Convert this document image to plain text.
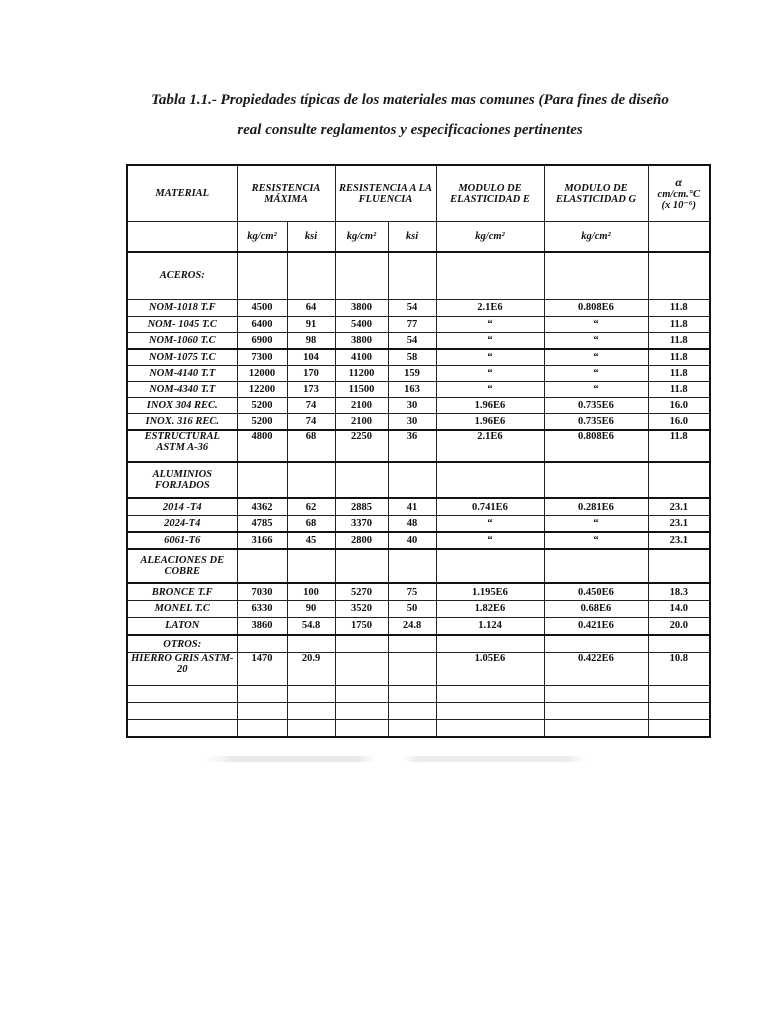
Tabla 1.1.- Propiedades típicas de los materiales mas comunes (Para fines de diseño
real consulte reglamentos y especificaciones pertinentes
MATERIAL	RESISTENCIA MÁXIMA		RESISTENCIA A LA FLUENCIA		MODULO DE ELASTICIDAD E	MODULO DE ELASTICIDAD G	α
cm/cm.°C
(x 10⁻⁶)

	kg/cm²	ksi	kg/cm²	ksi	kg/cm²	kg/cm²	
ACEROS:							
NOM-1018 T.F	4500	64	3800	54	2.1E6	0.808E6	11.8
NOM- 1045 T.C	6400	91	5400	77	“	“	11.8
NOM-1060 T.C	6900	98	3800	54	“	“	11.8
NOM-1075 T.C	7300	104	4100	58	“	“	11.8
NOM-4140 T.T	12000	170	11200	159	“	“	11.8
NOM-4340 T.T	12200	173	11500	163	“	“	11.8
INOX 304 REC.	5200	74	2100	30	1.96E6	0.735E6	16.0
INOX. 316 REC.	5200	74	2100	30	1.96E6	0.735E6	16.0
ESTRUCTURAL ASTM A-36	4800	68	2250	36	2.1E6	0.808E6	11.8
ALUMINIOS FORJADOS							
2014 -T4	4362	62	2885	41	0.741E6	0.281E6	23.1
2024-T4	4785	68	3370	48	“	“	23.1
6061-T6	3166	45	2800	40	“	“	23.1
ALEACIONES DE COBRE							
BRONCE T.F	7030	100	5270	75	1.195E6	0.450E6	18.3
MONEL T.C	6330	90	3520	50	1.82E6	0.68E6	14.0
LATON	3860	54.8	1750	24.8	1.124	0.421E6	20.0
OTROS:							
HIERRO GRIS ASTM-20	1470	20.9			1.05E6	0.422E6	10.8
